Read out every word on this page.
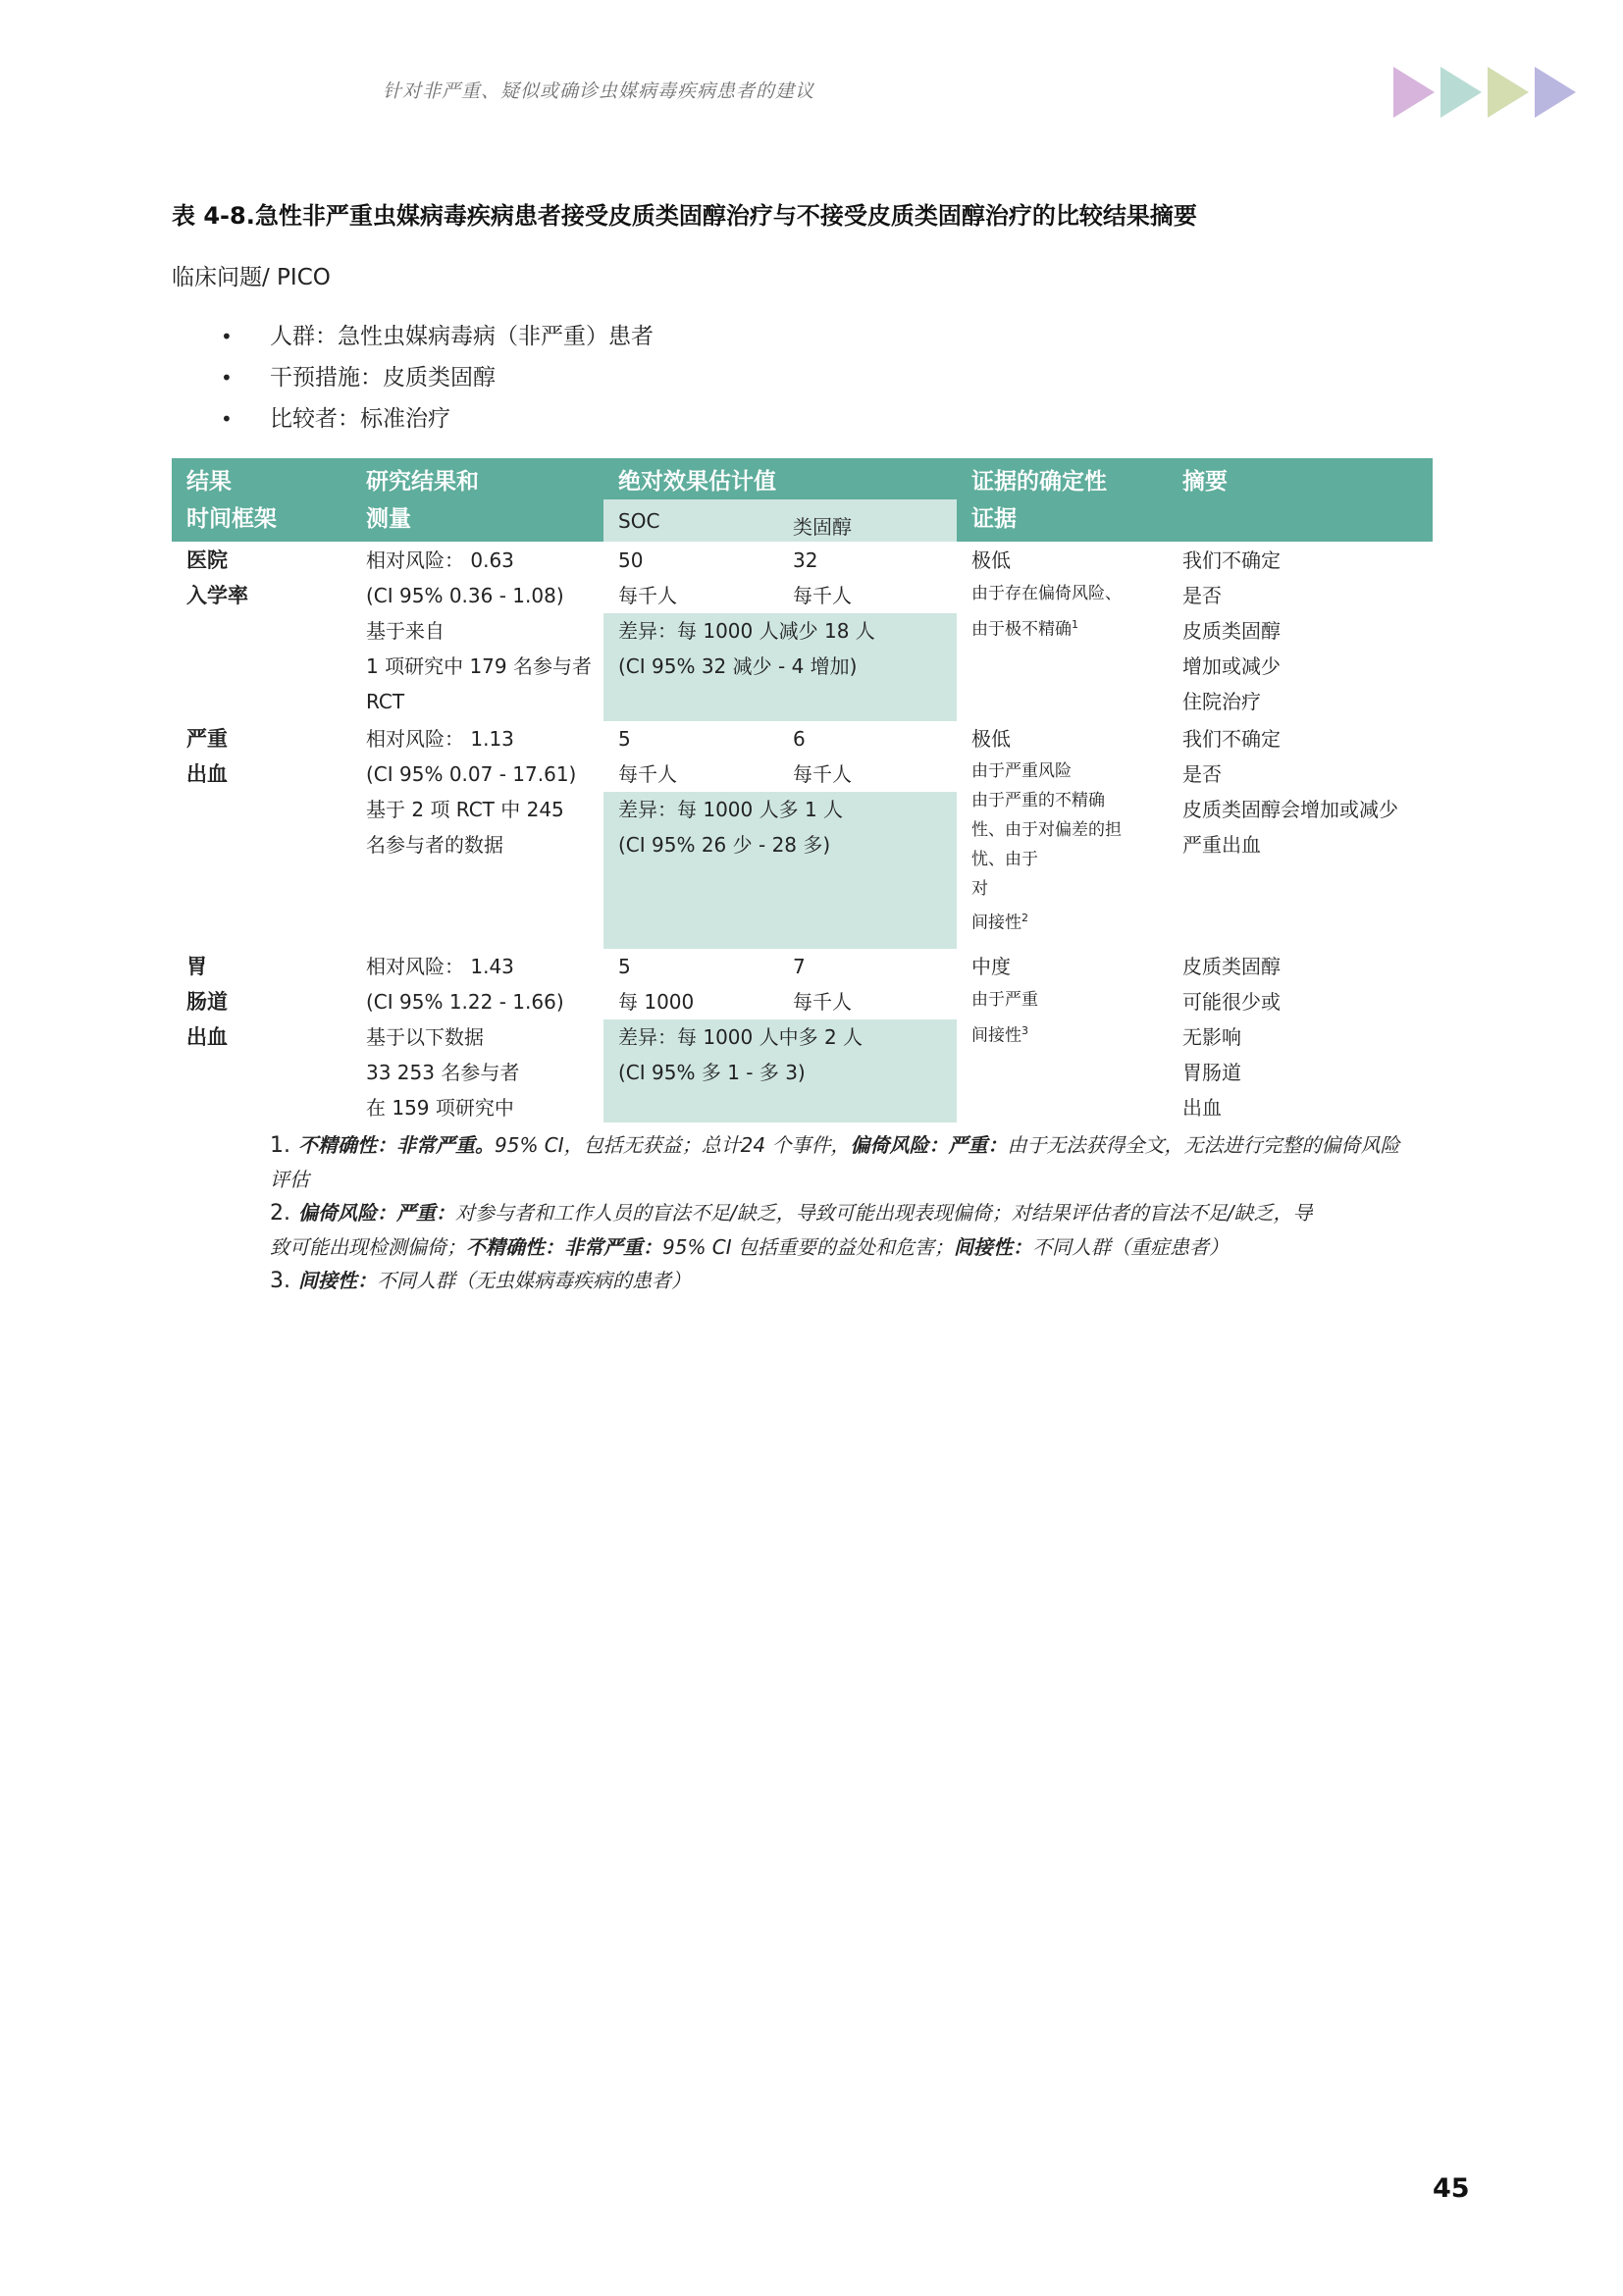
针对非严重、疑似或确诊虫媒病毒疾病患者的建议
表 4-8.急性非严重虫媒病毒疾病患者接受皮质类固醇治疗与不接受皮质类固醇治疗的比较结果摘要
临床问题/ PICO
• 人群：急性虫媒病毒病（非严重）患者
• 干预措施：皮质类固醇
• 比较者：标准治疗
结果
时间框架
研究结果和
测量
绝对效果估计值
SOC	类固醇
证据的确定性
证据
摘要
医院
入学率
相对风险： 0.63
(CI 95% 0.36 - 1.08)
基于来自
1 项研究中 179 名参与者
RCT
50
每千人
32
每千人
差异：每 1000 人减少 18 人
(CI 95% 32 减少 - 4 增加)
极低
由于存在偏倚风险、
由于极不精确$^1$
我们不确定
是否
皮质类固醇
增加或减少
住院治疗
严重
出血
相对风险： 1.13
(CI 95% 0.07 - 17.61)
基于 2 项 RCT 中 245
名参与者的数据
5
每千人
6
每千人
差异：每 1000 人多 1 人
(CI 95% 26 少 - 28 多)
极低
由于严重风险
由于严重的不精确
性、由于对偏差的担
忧、由于
对
间接性$^2$
我们不确定
是否
皮质类固醇会增加或减少
严重出血
胃
肠道
出血
相对风险： 1.43
(CI 95% 1.22 - 1.66)
基于以下数据
33 253 名参与者
在 159 项研究中
5
每 1000
7
每千人
差异：每 1000 人中多 2 人
(CI 95% 多 1 - 多 3)
中度
由于严重
间接性$^3$
皮质类固醇
可能很少或
无影响
胃肠道
出血
1. 不精确性：非常严重。95% CI，包括无获益；总计24 个事件，偏倚风险：严重：由于无法获得全文，无法进行完整的偏倚风险
评估
2. 偏倚风险：严重：对参与者和工作人员的盲法不足/缺乏，导致可能出现表现偏倚；对结果评估者的盲法不足/缺乏，导
致可能出现检测偏倚；不精确性：非常严重：95% CI 包括重要的益处和危害；间接性：不同人群（重症患者）
3. 间接性：不同人群（无虫媒病毒疾病的患者）
45
